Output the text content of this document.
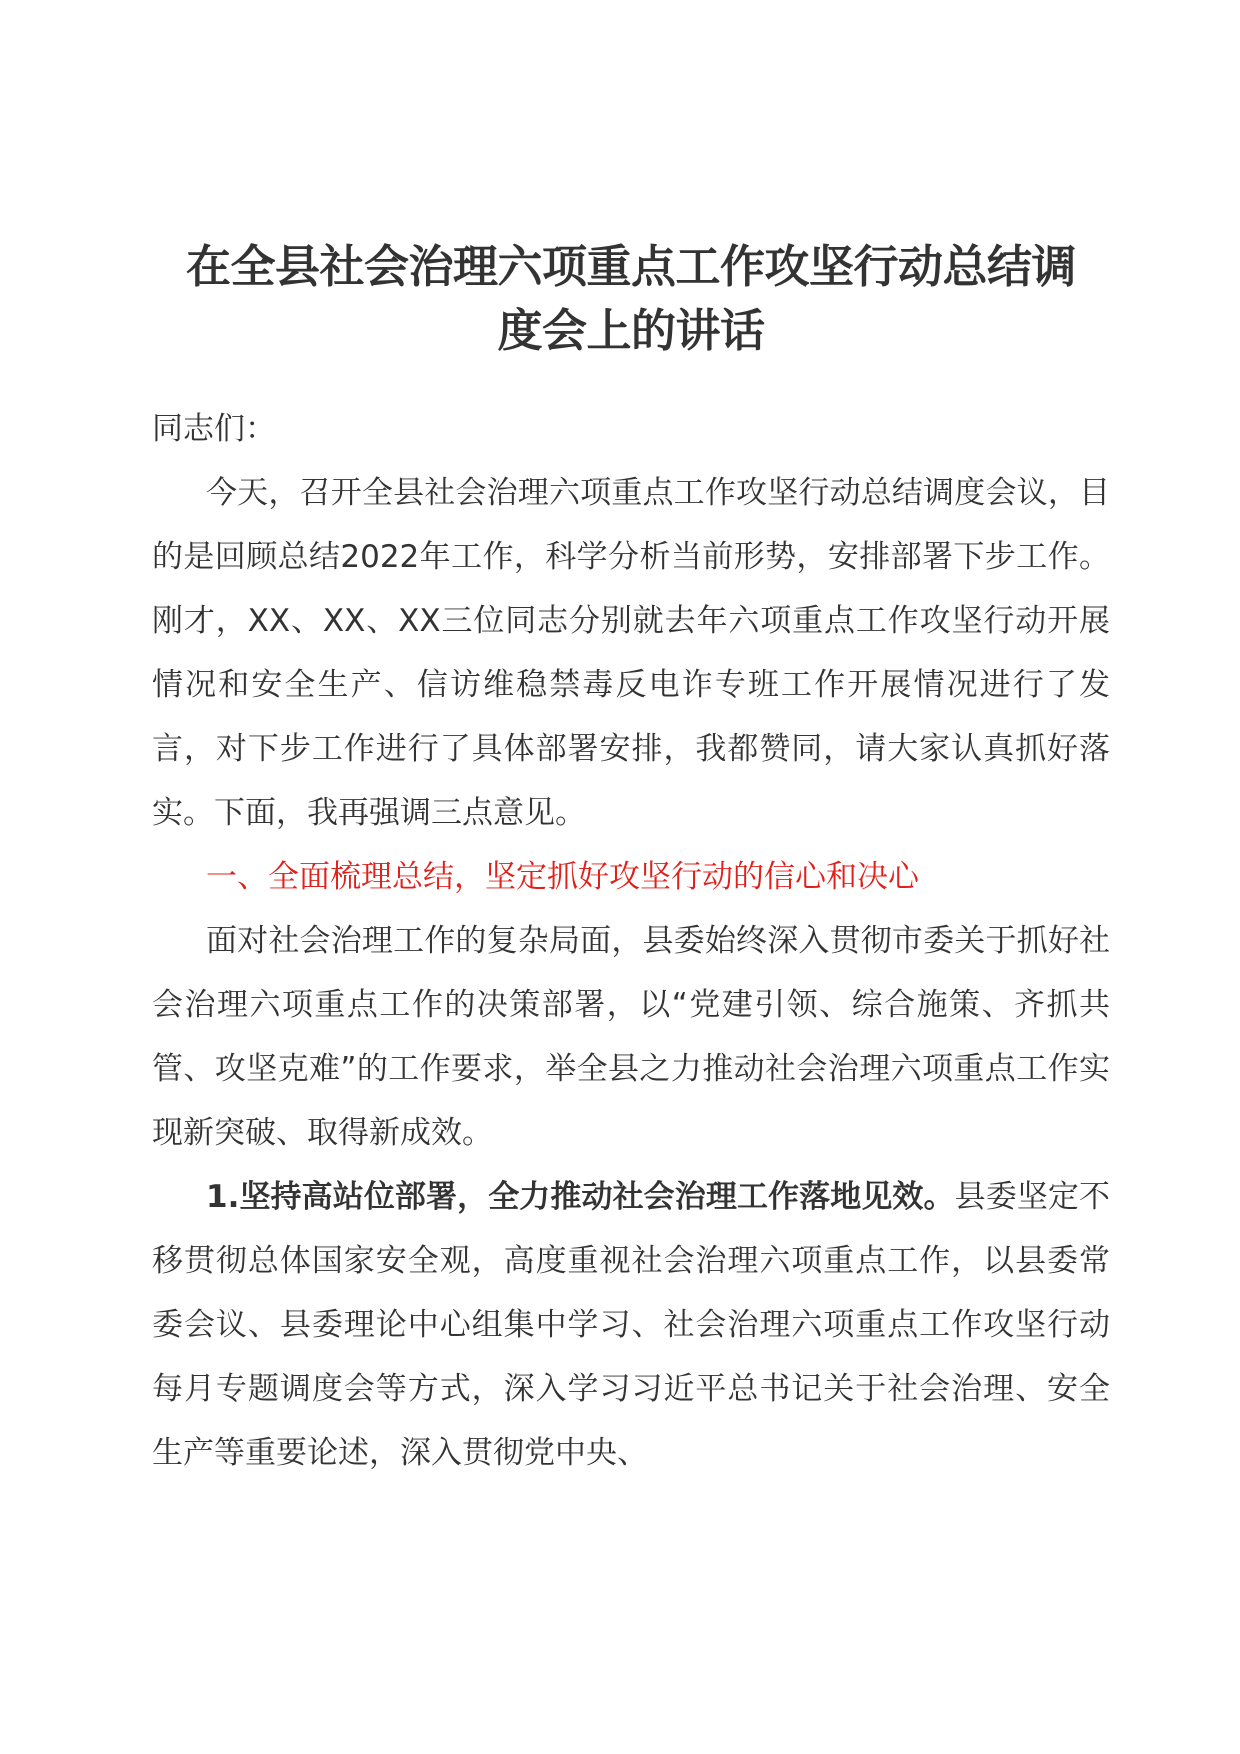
在全县社会治理六项重点工作攻坚行动总结调
度会上的讲话

同志们：

今天，召开全县社会治理六项重点工作攻坚行动总结调度会议，目的是回顾总结2022年工作，科学分析当前形势，安排部署下步工作。刚才，XX、XX、XX三位同志分别就去年六项重点工作攻坚行动开展情况和安全生产、信访维稳禁毒反电诈专班工作开展情况进行了发言，对下步工作进行了具体部署安排，我都赞同，请大家认真抓好落实。下面，我再强调三点意见。

一、全面梳理总结，坚定抓好攻坚行动的信心和决心

面对社会治理工作的复杂局面，县委始终深入贯彻市委关于抓好社会治理六项重点工作的决策部署，以“党建引领、综合施策、齐抓共管、攻坚克难”的工作要求，举全县之力推动社会治理六项重点工作实现新突破、取得新成效。

1.坚持高站位部署，全力推动社会治理工作落地见效。县委坚定不移贯彻总体国家安全观，高度重视社会治理六项重点工作，以县委常委会议、县委理论中心组集中学习、社会治理六项重点工作攻坚行动每月专题调度会等方式，深入学习习近平总书记关于社会治理、安全生产等重要论述，深入贯彻党中央、
